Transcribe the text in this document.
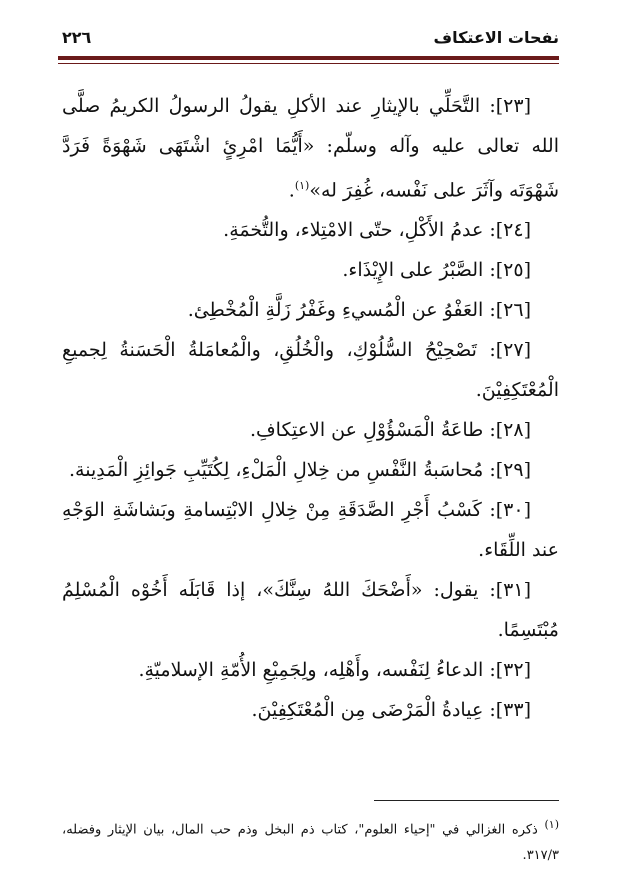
نفحات الاعتكاف
٢٢٦

[٢٣]: التَّحَلِّي بالإيثارِ عند الأكلِ يقولُ الرسولُ الكريمُ صلَّى الله تعالى عليه وآله وسلّم: «أَيُّمَا امْرِئٍ اشْتَهَى شَهْوَةً فَرَدَّ شَهْوَتَه وآثَرَ على نَفْسه، غُفِرَ له»$^{(١)}$.

[٢٤]: عدمُ الأَكْلِ، حتّى الامْتِلاء، والتُّخمَةِ.

[٢٥]: الصَّبْرُ على الإِيْذَاء.

[٢٦]: العَفْوُ عن الْمُسيءِ وغَفْرُ زَلَّةِ الْمُخْطِئ.

[٢٧]: تَصْحِيْحُ السُّلُوْكِ، والْخُلُقِ، والْمُعامَلةُ الْحَسَنةُ لِجميعِ الْمُعْتَكِفِيْنَ.

[٢٨]: طاعَةُ الْمَسْؤُوْلِ عن الاعتِكافِ.

[٢٩]: مُحاسَبةُ النَّفْسِ من خِلالِ الْمَلْءِ، لِكُتَيِّبِ جَوائِزِ الْمَدِينة.

[٣٠]: كَسْبُ أَجْرِ الصَّدَقَةِ مِنْ خِلالِ الابْتِسامةِ وبَشاشَةِ الوَجْهِ عند اللِّقَاء.

[٣١]: يقول: «أَضْحَكَ اللهُ سِنَّكَ»، إذا قَابَلَه أَخُوْه الْمُسْلِمُ مُبْتَسِمًا.

[٣٢]: الدعاءُ لِنَفْسه، وأَهْلِه، ولِجَمِيْعِ الأُمّةِ الإسلاميّةِ.

[٣٣]: عِيادةُ الْمَرْضَى مِن الْمُعْتَكِفِيْنَ.

$^{(١)}$ ذكره الغزالي في "إحياء العلوم"، كتاب ذم البخل وذم حب المال، بيان الإيثار وفضله، ٣١٧/٣.
